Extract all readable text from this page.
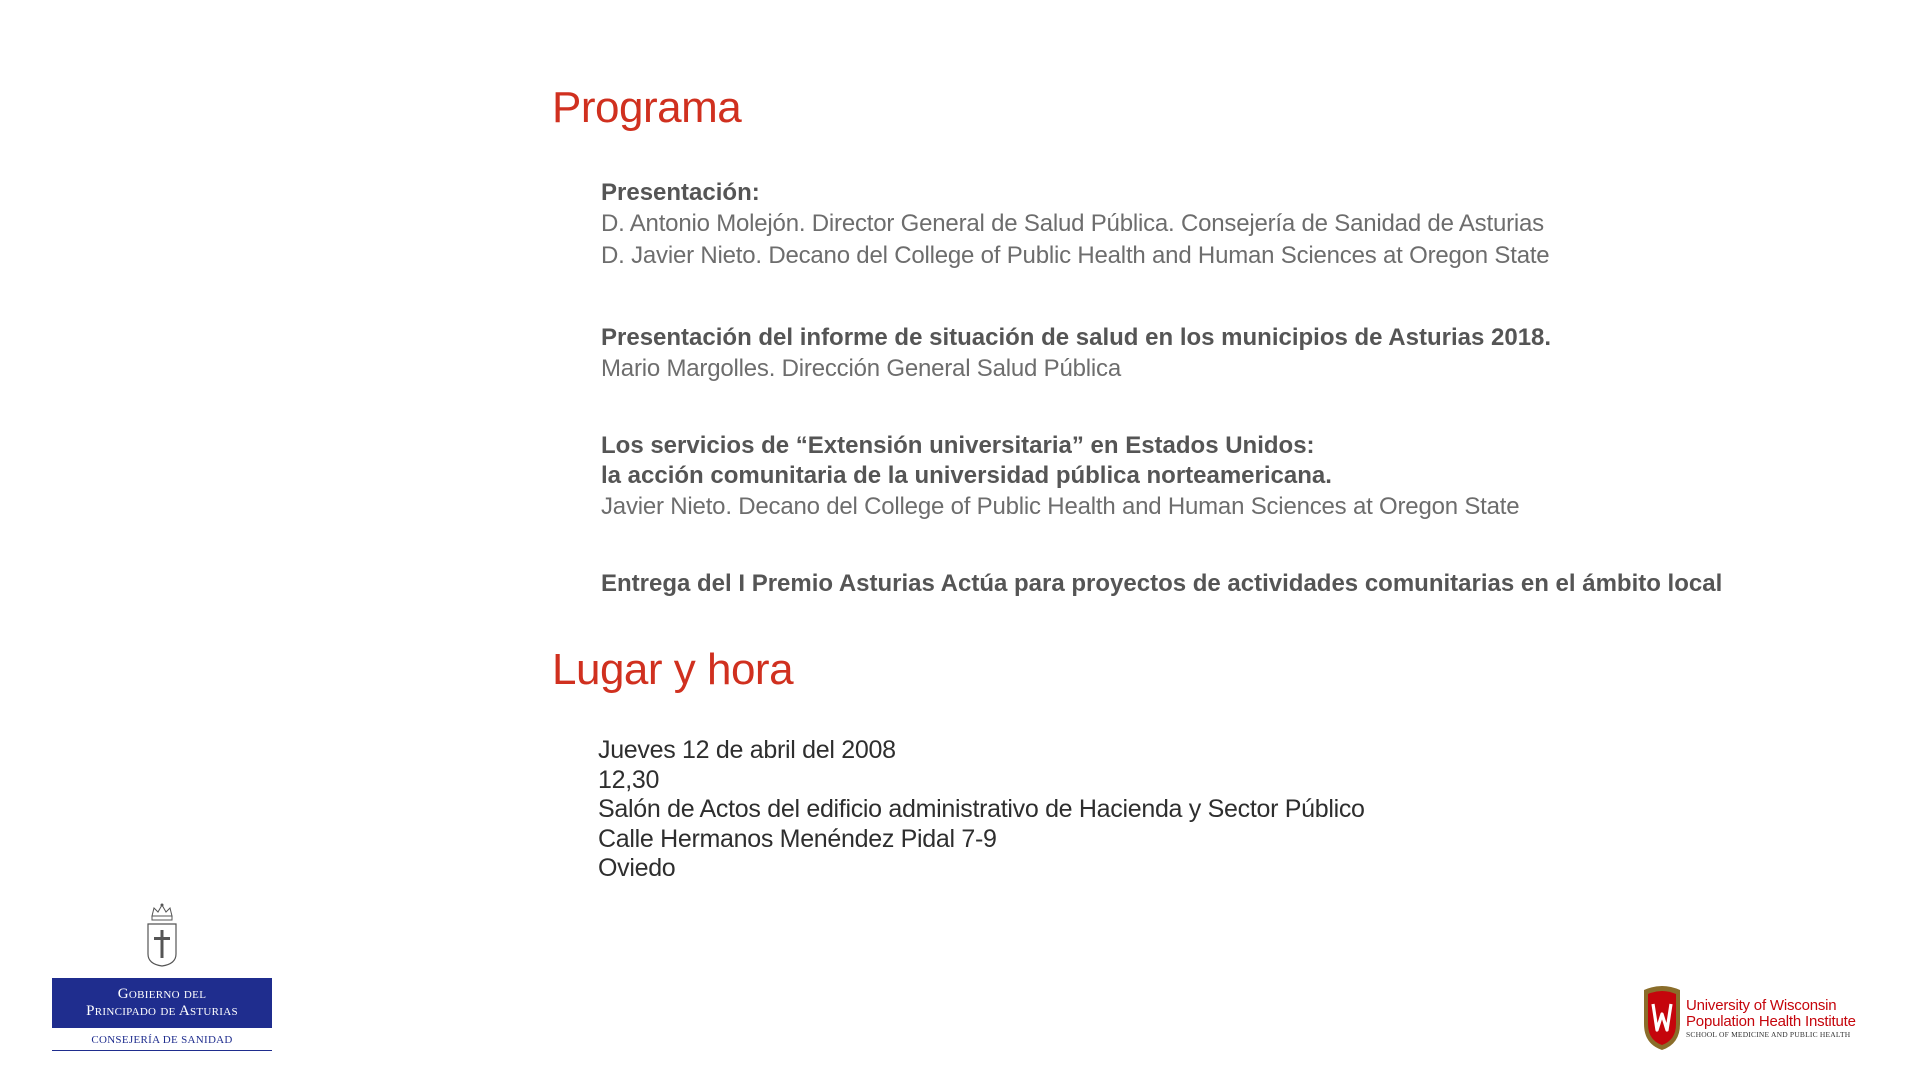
Programa

Presentación:

D. Antonio Molejón. Director General de Salud Pública. Consejería de Sanidad de Asturias

D. Javier Nieto. Decano del College of Public Health and Human Sciences at Oregon State

Presentación del informe de situación de salud en los municipios de Asturias 2018.

Mario Margolles. Dirección General Salud Pública

Los servicios de “Extensión universitaria” en Estados Unidos:

la acción comunitaria de la universidad pública norteamericana.

Javier Nieto. Decano del College of Public Health and Human Sciences at Oregon State

Entrega del I Premio Asturias Actúa para proyectos de actividades comunitarias en el ámbito local

Lugar y hora

Jueves 12 de abril del 2008

12,30

Salón de Actos del edificio administrativo de Hacienda y Sector Público

Calle Hermanos Menéndez Pidal 7-9

Oviedo

Gobierno del
Principado de Asturias
CONSEJERÍA DE SANIDAD
University of Wisconsin
Population Health Institute
SCHOOL OF MEDICINE AND PUBLIC HEALTH
